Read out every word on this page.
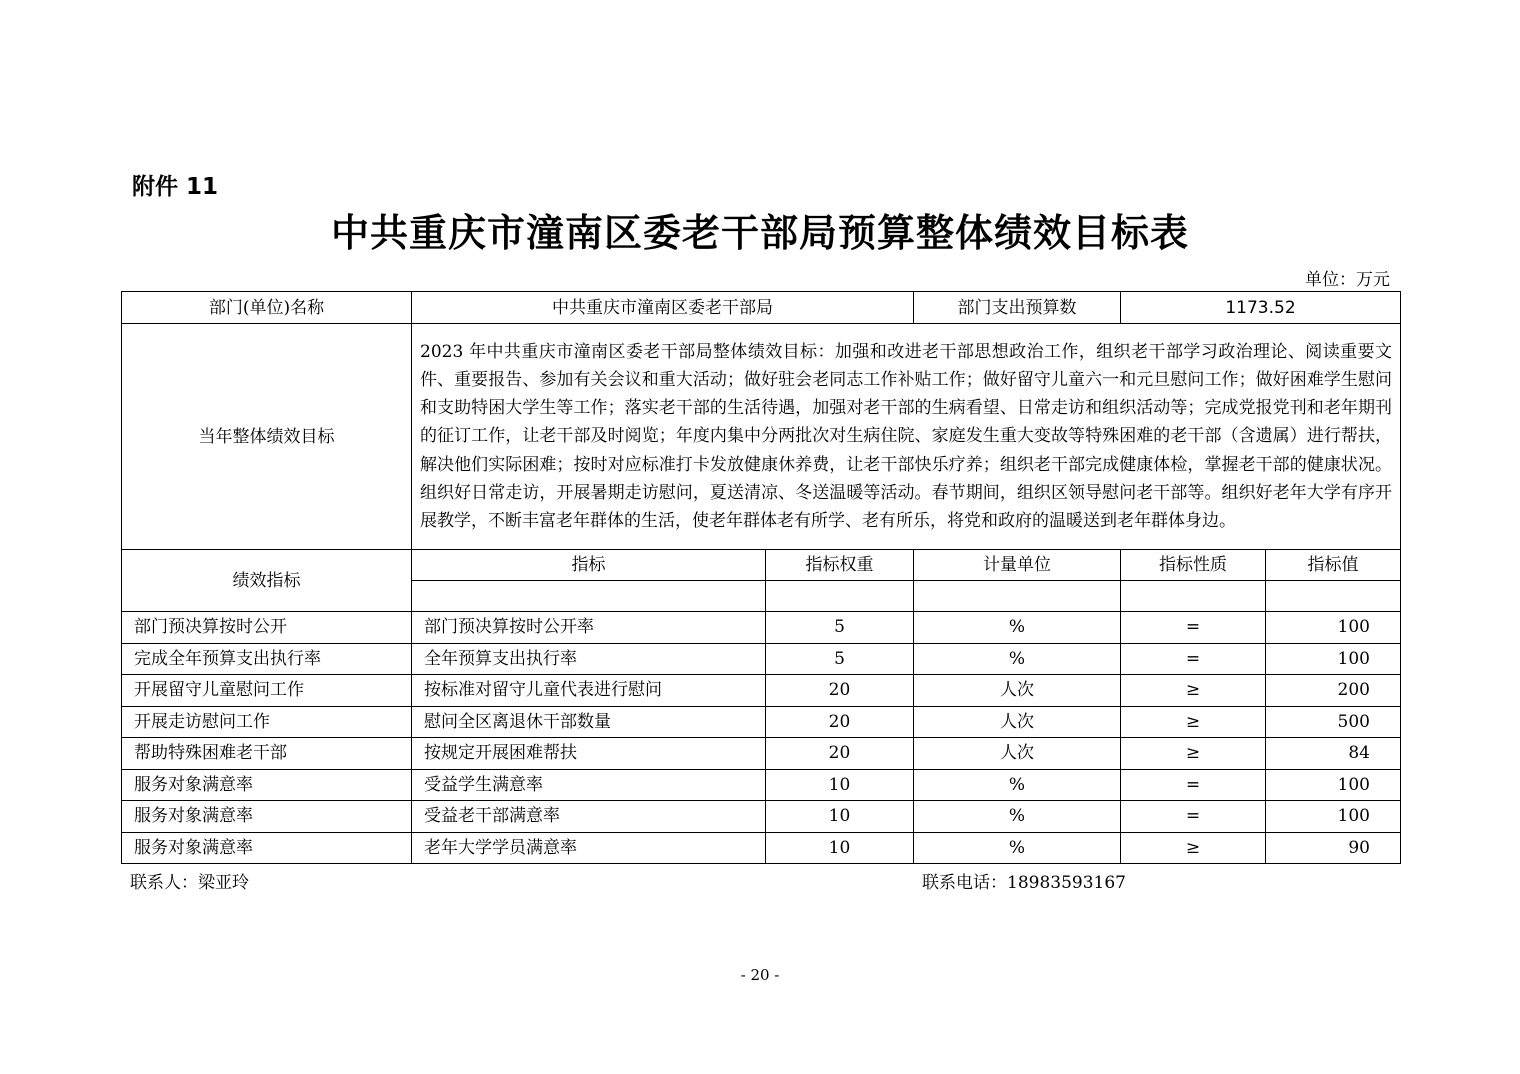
附件 11
中共重庆市潼南区委老干部局预算整体绩效目标表
单位：万元
部门(单位)名称	中共重庆市潼南区委老干部局		部门支出预算数	1173.52	
当年整体绩效目标	2023 年中共重庆市潼南区委老干部局整体绩效目标：加强和改进老干部思想政治工作，组织老干部学习政治理论、阅读重要文件、重要报告、参加有关会议和重大活动；做好驻会老同志工作补贴工作；做好留守儿童六一和元旦慰问工作；做好困难学生慰问和支助特困大学生等工作；落实老干部的生活待遇，加强对老干部的生病看望、日常走访和组织活动等；完成党报党刊和老年期刊的征订工作，让老干部及时阅览；年度内集中分两批次对生病住院、家庭发生重大变故等特殊困难的老干部（含遗属）进行帮扶，解决他们实际困难；按时对应标准打卡发放健康休养费，让老干部快乐疗养；组织老干部完成健康体检，掌握老干部的健康状况。组织好日常走访，开展暑期走访慰问，夏送清凉、冬送温暖等活动。春节期间，组织区领导慰问老干部等。组织好老年大学有序开展教学，不断丰富老年群体的生活，使老年群体老有所学、老有所乐，将党和政府的温暖送到老年群体身边。				
绩效指标	指标	指标权重	计量单位	指标性质	指标值

部门预决算按时公开	部门预决算按时公开率	5	%	=	100
完成全年预算支出执行率	全年预算支出执行率	5	%	=	100
开展留守儿童慰问工作	按标准对留守儿童代表进行慰问	20	人次	≥	200
开展走访慰问工作	慰问全区离退休干部数量	20	人次	≥	500
帮助特殊困难老干部	按规定开展困难帮扶	20	人次	≥	84
服务对象满意率	受益学生满意率	10	%	=	100
服务对象满意率	受益老干部满意率	10	%	=	100
服务对象满意率	老年大学学员满意率	10	%	≥	90
联系人：梁亚玲	联系电话：18983593167
- 20 -
